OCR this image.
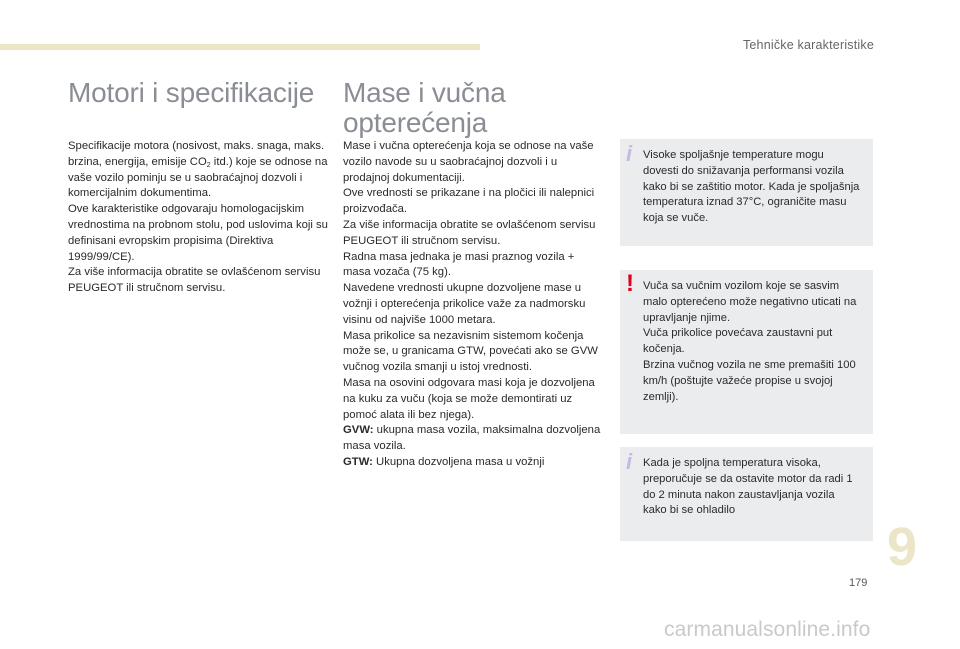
Tehničke karakteristike
Motori i specifikacije

Specifikacije motora (nosivost, maks. snaga, maks. brzina, energija, emisije $CO_2$ itd.) koje se odnose na vaše vozilo pominju se u saobraćajnoj dozvoli i komercijalnim dokumentima.

Ove karakteristike odgovaraju homologacijskim vrednostima na probnom stolu, pod uslovima koji su definisani evropskim propisima (Direktiva 1999/99/CE).

Za više informacija obratite se ovlašćenom servisu PEUGEOT ili stručnom servisu.

Mase i vučna
opterećenja

Mase i vučna opterećenja koja se odnose na vaše vozilo navode su u saobraćajnoj dozvoli i u prodajnoj dokumentaciji.

Ove vrednosti se prikazane i na pločici ili nalepnici proizvođača.

Za više informacija obratite se ovlašćenom servisu PEUGEOT ili stručnom servisu.

Radna masa jednaka je masi praznog vozila + masa vozača (75 kg).

Navedene vrednosti ukupne dozvoljene mase u vožnji i opterećenja prikolice važe za nadmorsku visinu od najviše 1000 metara.

Masa prikolice sa nezavisnim sistemom kočenja može se, u granicama GTW, povećati ako se GVW vučnog vozila smanji u istoj vrednosti.

Masa na osovini odgovara masi koja je dozvoljena na kuku za vuču (koja se može demontirati uz pomoć alata ili bez njega).

GVW: ukupna masa vozila, maksimalna dozvoljena masa vozila.

GTW: Ukupna dozvoljena masa u vožnji

i Visoke spoljašnje temperature mogu dovesti do snižavanja performansi vozila kako bi se zaštitio motor. Kada je spoljašnja temperatura iznad 37°C, ograničite masu koja se vuče.

! Vuča sa vučnim vozilom koje se sasvim malo opterećeno može negativno uticati na upravljanje njime.

Vuča prikolice povećava zaustavni put kočenja.

Brzina vučnog vozila ne sme premašiti 100 km/h (poštujte važeće propise u svojoj zemlji).

i Kada je spoljna temperatura visoka, preporučuje se da ostavite motor da radi 1 do 2 minuta nakon zaustavljanja vozila kako bi se ohladilo

9
179
carmanualsonline.info
